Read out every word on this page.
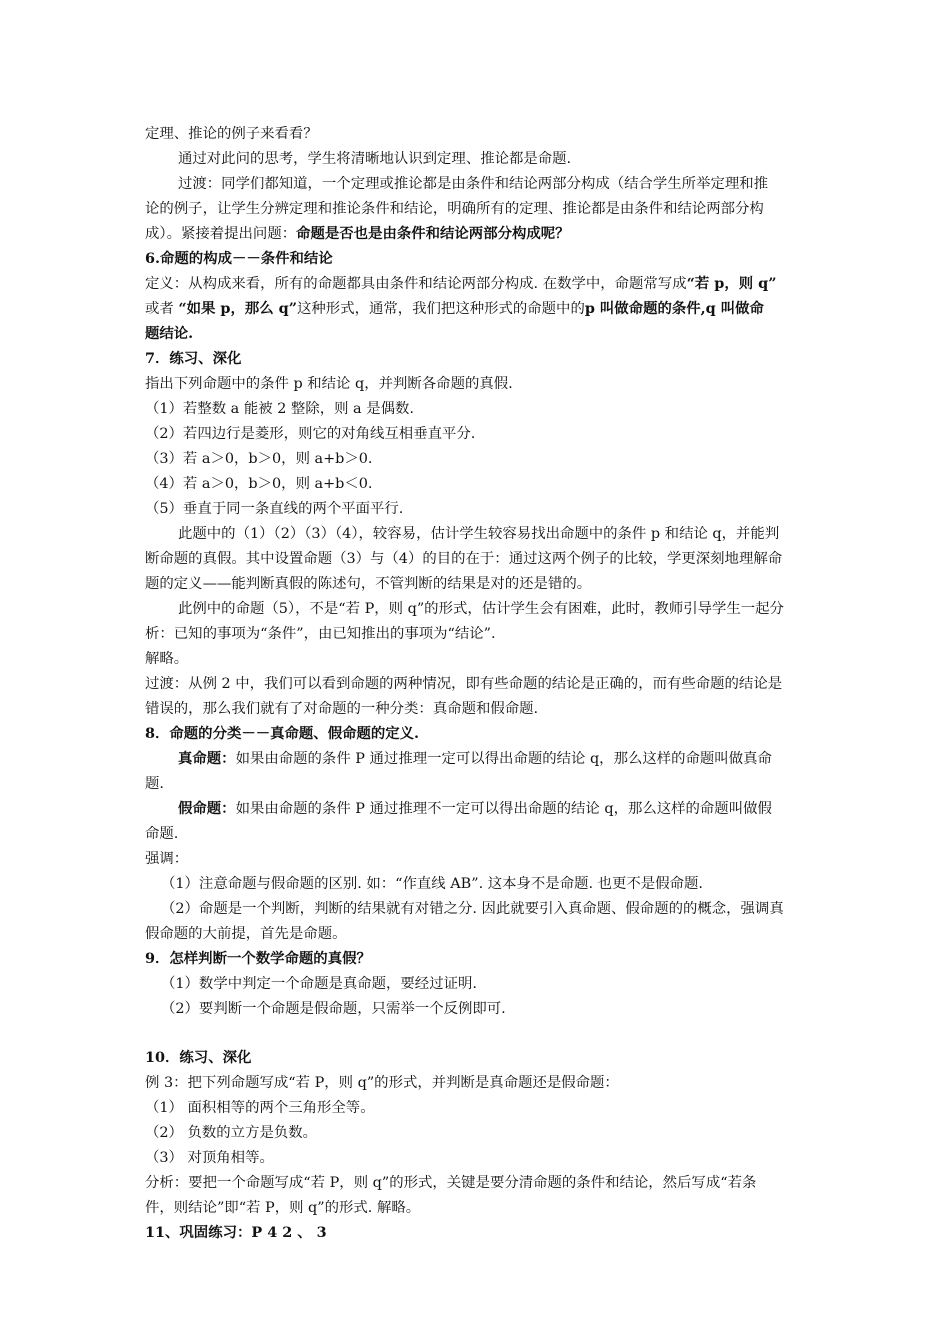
定理、推论的例子来看看？
通过对此问的思考，学生将清晰地认识到定理、推论都是命题.
过渡：同学们都知道，一个定理或推论都是由条件和结论两部分构成（结合学生所举定理和推
论的例子，让学生分辨定理和推论条件和结论，明确所有的定理、推论都是由条件和结论两部分构
成）。紧接着提出问题：命题是否也是由条件和结论两部分构成呢？
6.命题的构成－－条件和结论
定义：从构成来看，所有的命题都具由条件和结论两部分构成. 在数学中，命题常写成“若 p，则 q”
或者 “如果 p，那么 q”这种形式，通常，我们把这种形式的命题中的p 叫做命题的条件,q 叫做命
题结论.
7．练习、深化
指出下列命题中的条件 p 和结论 q，并判断各命题的真假.
（1）若整数 a 能被 2 整除，则 a 是偶数.
（2）若四边行是菱形，则它的对角线互相垂直平分.
（3）若 a＞0，b＞0，则 a+b＞0.
（4）若 a＞0，b＞0，则 a+b＜0.
（5）垂直于同一条直线的两个平面平行.
此题中的（1）（2）（3）（4），较容易，估计学生较容易找出命题中的条件 p 和结论 q，并能判
断命题的真假。其中设置命题（3）与（4）的目的在于：通过这两个例子的比较，学更深刻地理解命
题的定义——能判断真假的陈述句，不管判断的结果是对的还是错的。
此例中的命题（5），不是“若 P，则 q”的形式，估计学生会有困难，此时，教师引导学生一起分
析：已知的事项为“条件”，由已知推出的事项为“结论”.
解略。
过渡：从例 2 中，我们可以看到命题的两种情况，即有些命题的结论是正确的，而有些命题的结论是
错误的，那么我们就有了对命题的一种分类：真命题和假命题.
8．命题的分类－－真命题、假命题的定义.
真命题：如果由命题的条件 P 通过推理一定可以得出命题的结论 q，那么这样的命题叫做真命
题.
假命题：如果由命题的条件 P 通过推理不一定可以得出命题的结论 q，那么这样的命题叫做假
命题.
强调：
（1）注意命题与假命题的区别. 如：“作直线 AB”. 这本身不是命题. 也更不是假命题.
（2）命题是一个判断，判断的结果就有对错之分. 因此就要引入真命题、假命题的的概念，强调真
假命题的大前提，首先是命题。
9．怎样判断一个数学命题的真假？
（1）数学中判定一个命题是真命题，要经过证明.
（2）要判断一个命题是假命题，只需举一个反例即可.
10．练习、深化
例 3：把下列命题写成“若 P，则 q”的形式，并判断是真命题还是假命题：
（1） 面积相等的两个三角形全等。
（2） 负数的立方是负数。
（3） 对顶角相等。
分析：要把一个命题写成“若 P，则 q”的形式，关键是要分清命题的条件和结论，然后写成“若条
件，则结论”即“若 P，则 q”的形式. 解略。
11、巩固练习：P 4 2 、 3
